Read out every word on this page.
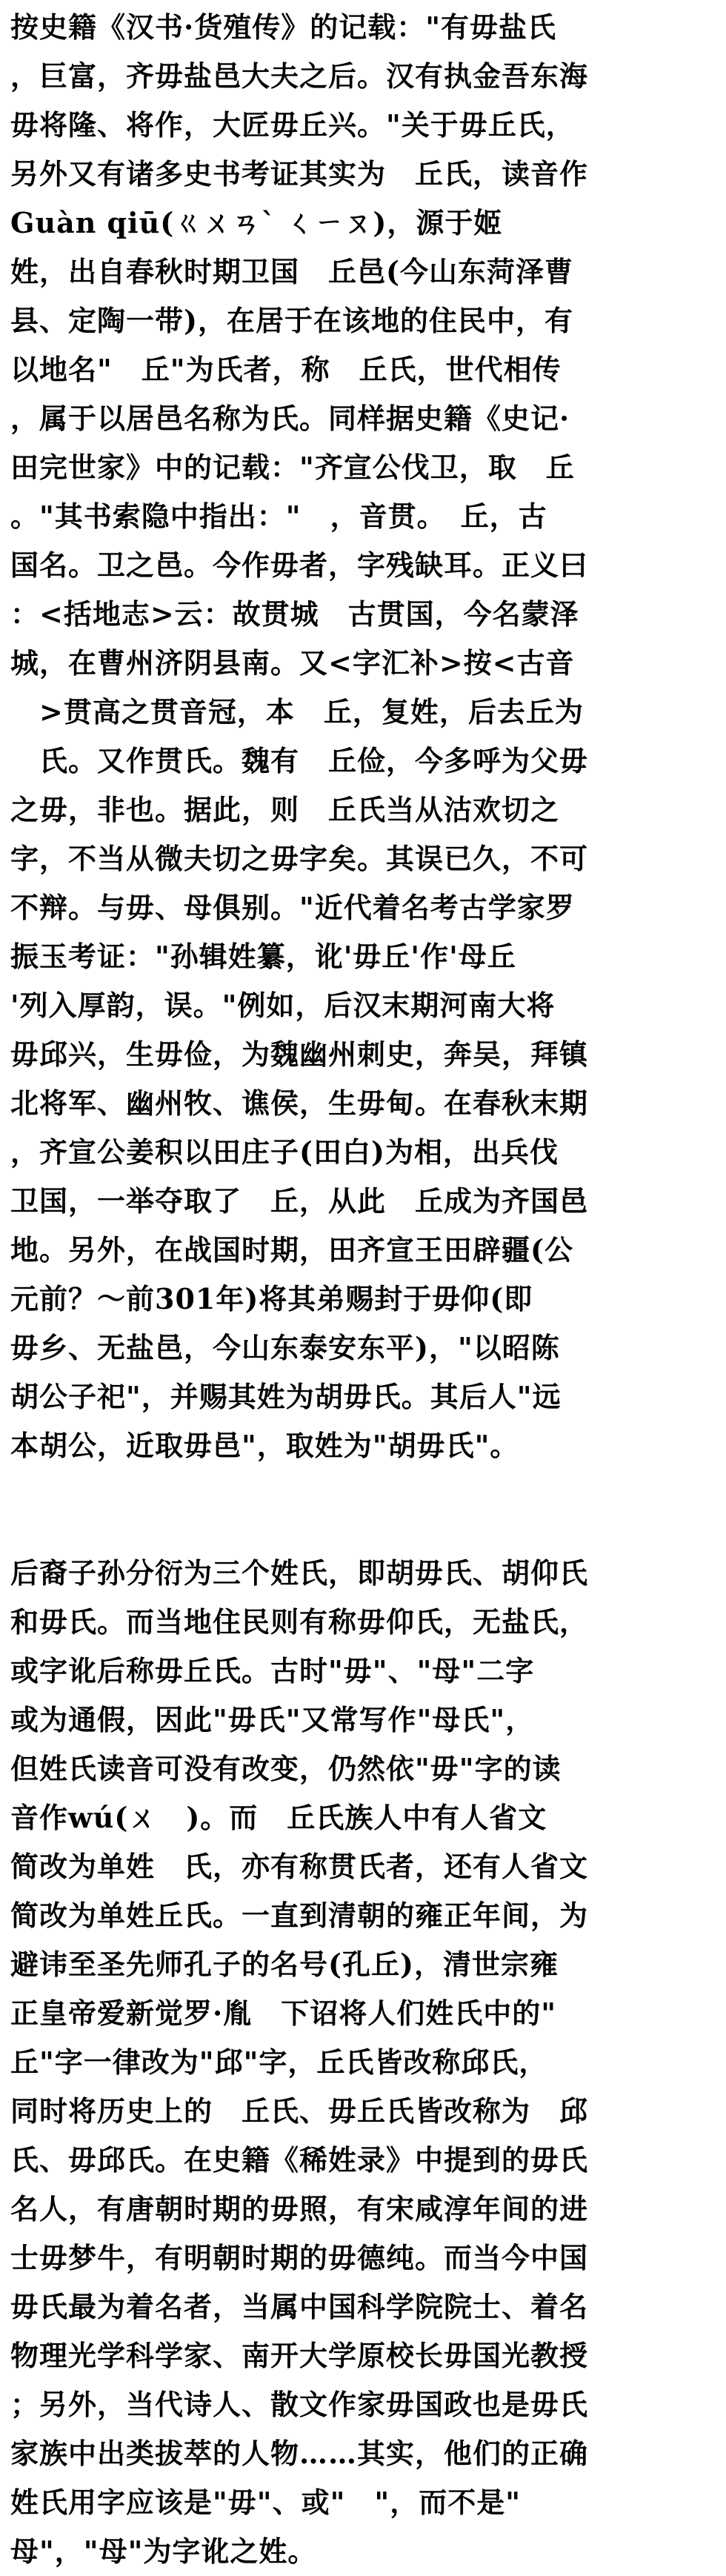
按史籍《汉书·货殖传》的记载："有毋盐氏
，巨富，齐毋盐邑大夫之后。汉有执金吾东海
毋将隆、将作，大匠毋丘兴。"关于毋丘氏，
另外又有诸多史书考证其实为　丘氏，读音作
Guàn qiū(ㄍㄨㄢˋ ㄑㄧㄡ)，源于姬
姓，出自春秋时期卫国　丘邑(今山东菏泽曹
县、定陶一带)，在居于在该地的住民中，有
以地名"　丘"为氏者，称　丘氏，世代相传
，属于以居邑名称为氏。同样据史籍《史记·
田完世家》中的记载："齐宣公伐卫，取　丘
。"其书索隐中指出："　，音贯。　丘，古
国名。卫之邑。今作毋者，字残缺耳。正义曰
：<括地志>云：故贯城　古贯国，今名蒙泽
城，在曹州济阴县南。又<字汇补>按<古音
　>贯高之贯音冠，本　丘，复姓，后去丘为
　氏。又作贯氏。魏有　丘俭，今多呼为父毋
之毋，非也。据此，则　丘氏当从沽欢切之
字，不当从微夫切之毋字矣。其误已久，不可
不辩。与毋、母俱别。"近代着名考古学家罗
振玉考证："孙辑姓纂，讹'毋丘'作'母丘
'列入厚韵，误。"例如，后汉末期河南大将
毋邱兴，生毋俭，为魏幽州刺史，奔吴，拜镇
北将军、幽州牧、谯侯，生毋甸。在春秋末期
，齐宣公姜积以田庄子(田白)为相，出兵伐
卫国，一举夺取了　丘，从此　丘成为齐国邑
地。另外，在战国时期，田齐宣王田辟疆(公
元前？～前301年)将其弟赐封于毋仰(即
毋乡、无盐邑，今山东泰安东平)，"以昭陈
胡公子祀"，并赐其姓为胡毋氏。其后人"远
本胡公，近取毋邑"，取姓为"胡毋氏"。
后裔子孙分衍为三个姓氏，即胡毋氏、胡仰氏
和毋氏。而当地住民则有称毋仰氏，无盐氏，
或字讹后称毋丘氏。古时"毋"、"母"二字
或为通假，因此"毋氏"又常写作"母氏"，
但姓氏读音可没有改变，仍然依"毋"字的读
音作wú(ㄨ　)。而　丘氏族人中有人省文
简改为单姓　氏，亦有称贯氏者，还有人省文
简改为单姓丘氏。一直到清朝的雍正年间，为
避讳至圣先师孔子的名号(孔丘)，清世宗雍
正皇帝爱新觉罗·胤　下诏将人们姓氏中的"
丘"字一律改为"邱"字，丘氏皆改称邱氏，
同时将历史上的　丘氏、毋丘氏皆改称为　邱
氏、毋邱氏。在史籍《稀姓录》中提到的毋氏
名人，有唐朝时期的毋照，有宋咸淳年间的进
士毋梦牛，有明朝时期的毋德纯。而当今中国
毋氏最为着名者，当属中国科学院院士、着名
物理光学科学家、南开大学原校长毋国光教授
；另外，当代诗人、散文作家毋国政也是毋氏
家族中出类拔萃的人物……其实，他们的正确
姓氏用字应该是"毋"、或"　"，而不是"
母"，"母"为字讹之姓。
